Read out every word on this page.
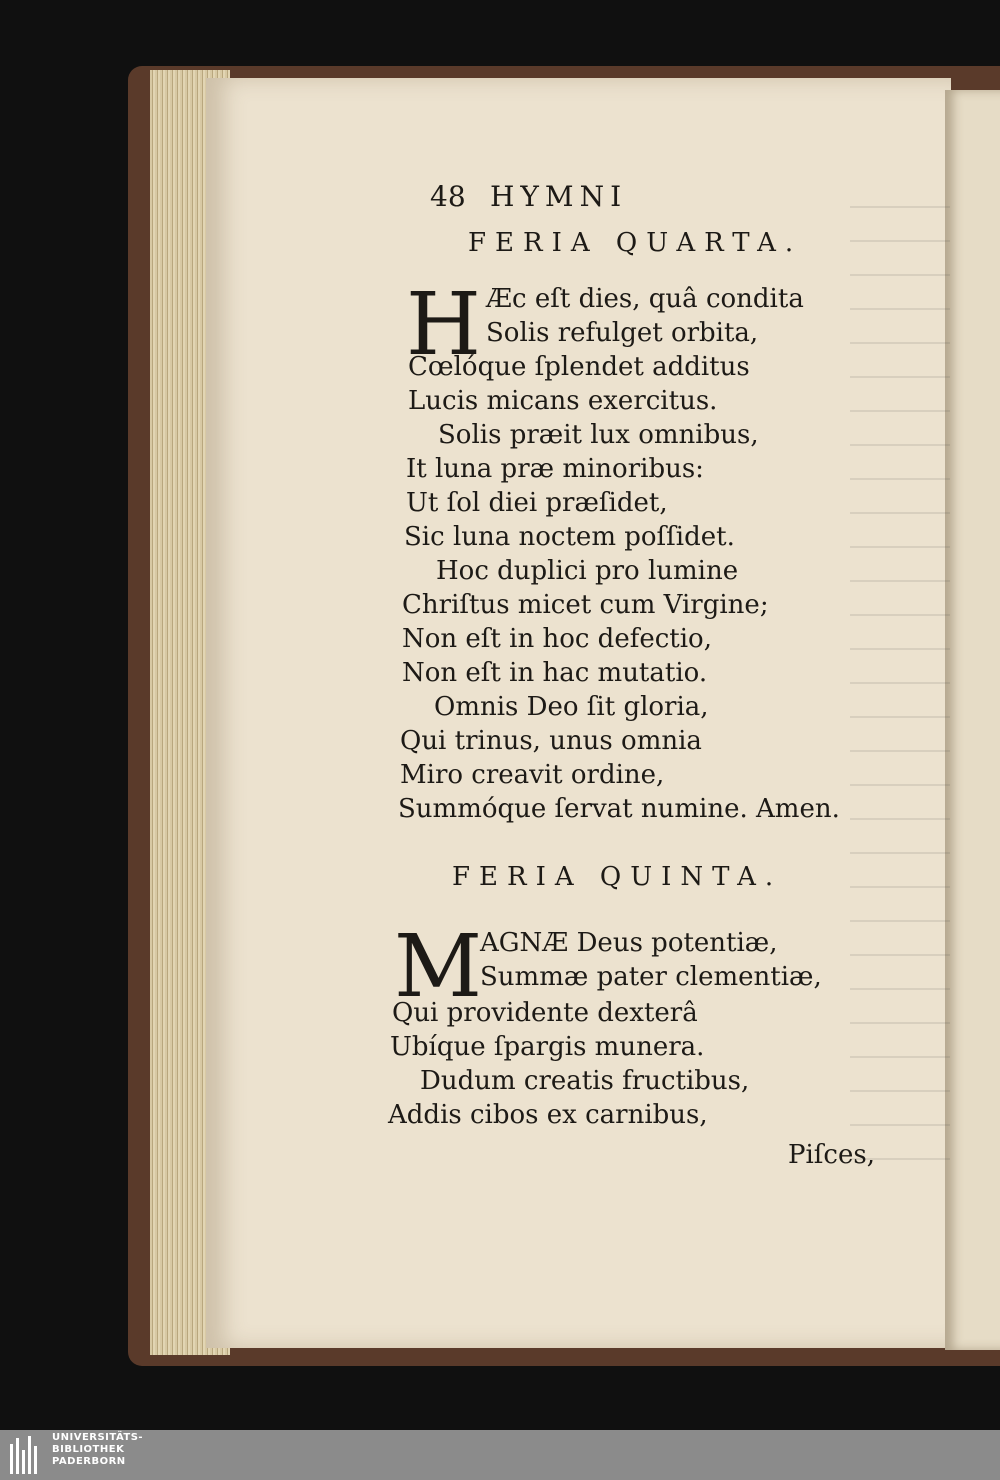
48 HYMNI
FERIA QUARTA.
H Æc eſt dies, quâ condita
Solis refulget orbita,
Cœlóque ſplendet additus
Lucis micans exercitus.
Solis præit lux omnibus,
It luna præ minoribus:
Ut ſol diei præſidet,
Sic luna noctem poſſidet.
Hoc duplici pro lumine
Chriſtus micet cum Virgine;
Non eſt in hoc defectio,
Non eſt in hac mutatio.
Omnis Deo ſit gloria,
Qui trinus, unus omnia
Miro creavit ordine,
Summóque ſervat numine. Amen.
FERIA QUINTA.
M
AGNÆ Deus potentiæ,
Summæ pater clementiæ,
Qui providente dexterâ
Ubíque ſpargis munera.
Dudum creatis fructibus,
Addis cibos ex carnibus,
Piſces,
UNIVERSITÄTS-
BIBLIOTHEK
PADERBORN
